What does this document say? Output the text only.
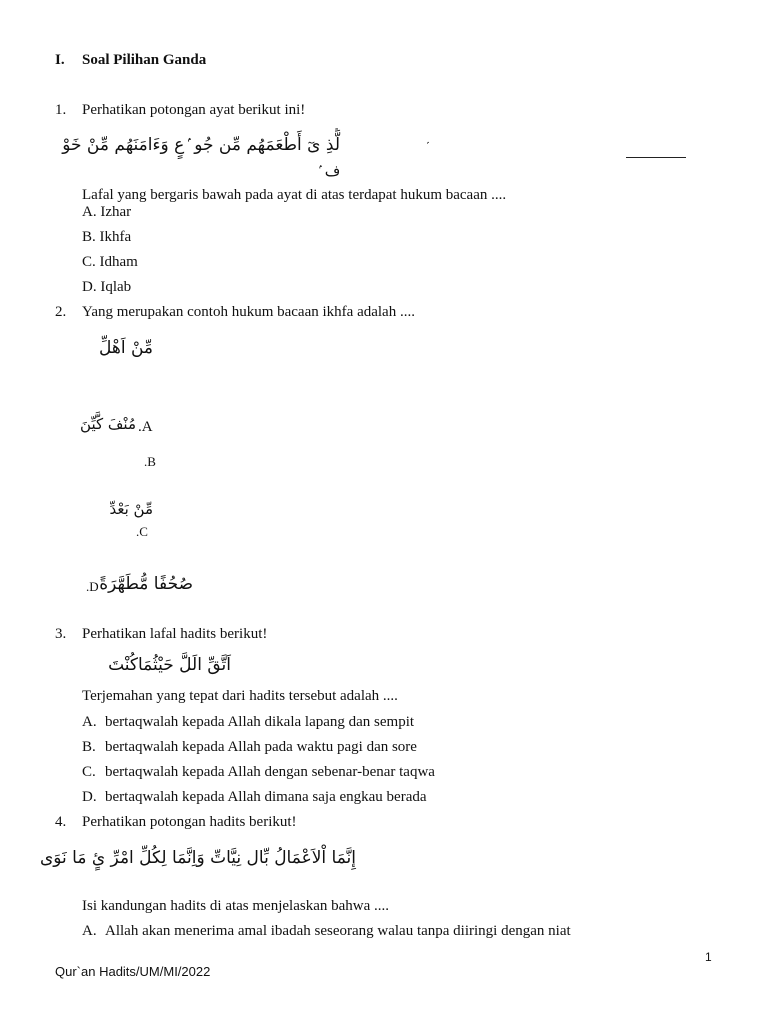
I. Soal Pilihan Ganda
1. Perhatikan potongan ayat berikut ini!
لَّذِ ىٓ أَطْعَمَهُم مِّن جُو ۢعٍ وَءَامَنَهُم مِّنْ خَوْ
ف ۢ
Lafal yang bergaris bawah pada ayat di atas terdapat hukum bacaan ....
A. Izhar
B. Ikhfa
C. Idham
D. Iqlab
2. Yang merupakan contoh hukum bacaan ikhfa adalah ....
مِّنْ اَهْلِّ
مُنْفَ كَّيِّنَ .A
.B
مِّنْ بَعْدِّ
.C
.D صُحُفًا مُّطَهَّرَةً
3. Perhatikan lafal hadits berikut!
اَتَّقِّ الَلَّ حَيْثُمَاكُنْتَ
Terjemahan yang tepat dari hadits tersebut adalah ....
A. bertaqwalah kepada Allah dikala lapang dan sempit
B. bertaqwalah kepada Allah pada waktu pagi dan sore
C. bertaqwalah kepada Allah dengan sebenar-benar taqwa
D. bertaqwalah kepada Allah dimana saja engkau berada
4. Perhatikan potongan hadits berikut!
إِنَّمَا اْلاَعْمَالُ بِّال نِيَّاتِّ وَاِنَّمَا لِكُلِّ امْرِّ ئٍ مَا نَوَى
Isi kandungan hadits di atas menjelaskan bahwa ....
A. Allah akan menerima amal ibadah seseorang walau tanpa diiringi dengan niat
1
Qur`an Hadits/UM/MI/2022
